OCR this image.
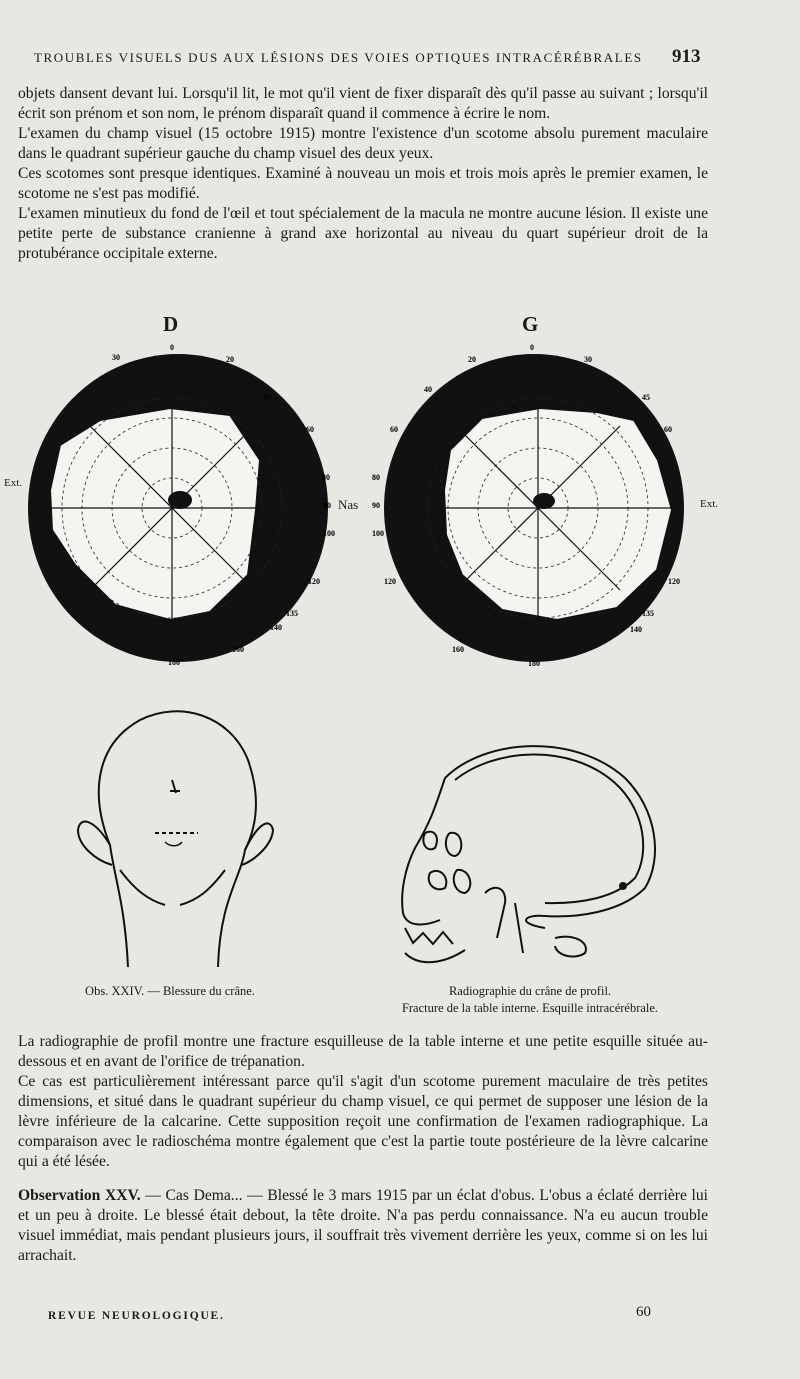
TROUBLES VISUELS DUS AUX LÉSIONS DES VOIES OPTIQUES INTRACÉRÉBRALES	913

objets dansent devant lui. Lorsqu'il lit, le mot qu'il vient de fixer disparaît dès qu'il passe au suivant ; lorsqu'il écrit son prénom et son nom, le prénom disparaît quand il commence à écrire le nom.

L'examen du champ visuel (15 octobre 1915) montre l'existence d'un scotome absolu purement maculaire dans le quadrant supérieur gauche du champ visuel des deux yeux.

Ces scotomes sont presque identiques. Examiné à nouveau un mois et trois mois après le premier examen, le scotome ne s'est pas modifié.

L'examen minutieux du fond de l'œil et tout spécialement de la macula ne montre aucune lésion. Il existe une petite perte de substance cranienne à grand axe horizontal au niveau du quart supérieur droit de la protubérance occipitale externe.

D	G
0
30	20
45
60
80
90
100
120
135
140
160
180
Nas
Ext.
0
20	30
40
45
60	60
80
90
100
120	120
135
140
160
180
Ext.
Obs. XXIV. — Blessure du crâne.	Radiographie du crâne de profil.
Fracture de la table interne. Esquille intracérébrale.

La radiographie de profil montre une fracture esquilleuse de la table interne et une petite esquille située au-dessous et en avant de l'orifice de trépanation.

Ce cas est particulièrement intéressant parce qu'il s'agit d'un scotome purement maculaire de très petites dimensions, et situé dans le quadrant supérieur du champ visuel, ce qui permet de supposer une lésion de la lèvre inférieure de la calcarine. Cette supposition reçoit une confirmation de l'examen radiographique. La comparaison avec le radioschéma montre également que c'est la partie toute postérieure de la lèvre calcarine qui a été lésée.

Observation XXV. — Cas Dema... — Blessé le 3 mars 1915 par un éclat d'obus. L'obus a éclaté derrière lui et un peu à droite. Le blessé était debout, la tête droite. N'a pas perdu connaissance. N'a eu aucun trouble visuel immédiat, mais pendant plusieurs jours, il souffrait très vivement derrière les yeux, comme si on les lui arrachait.

REVUE NEUROLOGIQUE.	60
